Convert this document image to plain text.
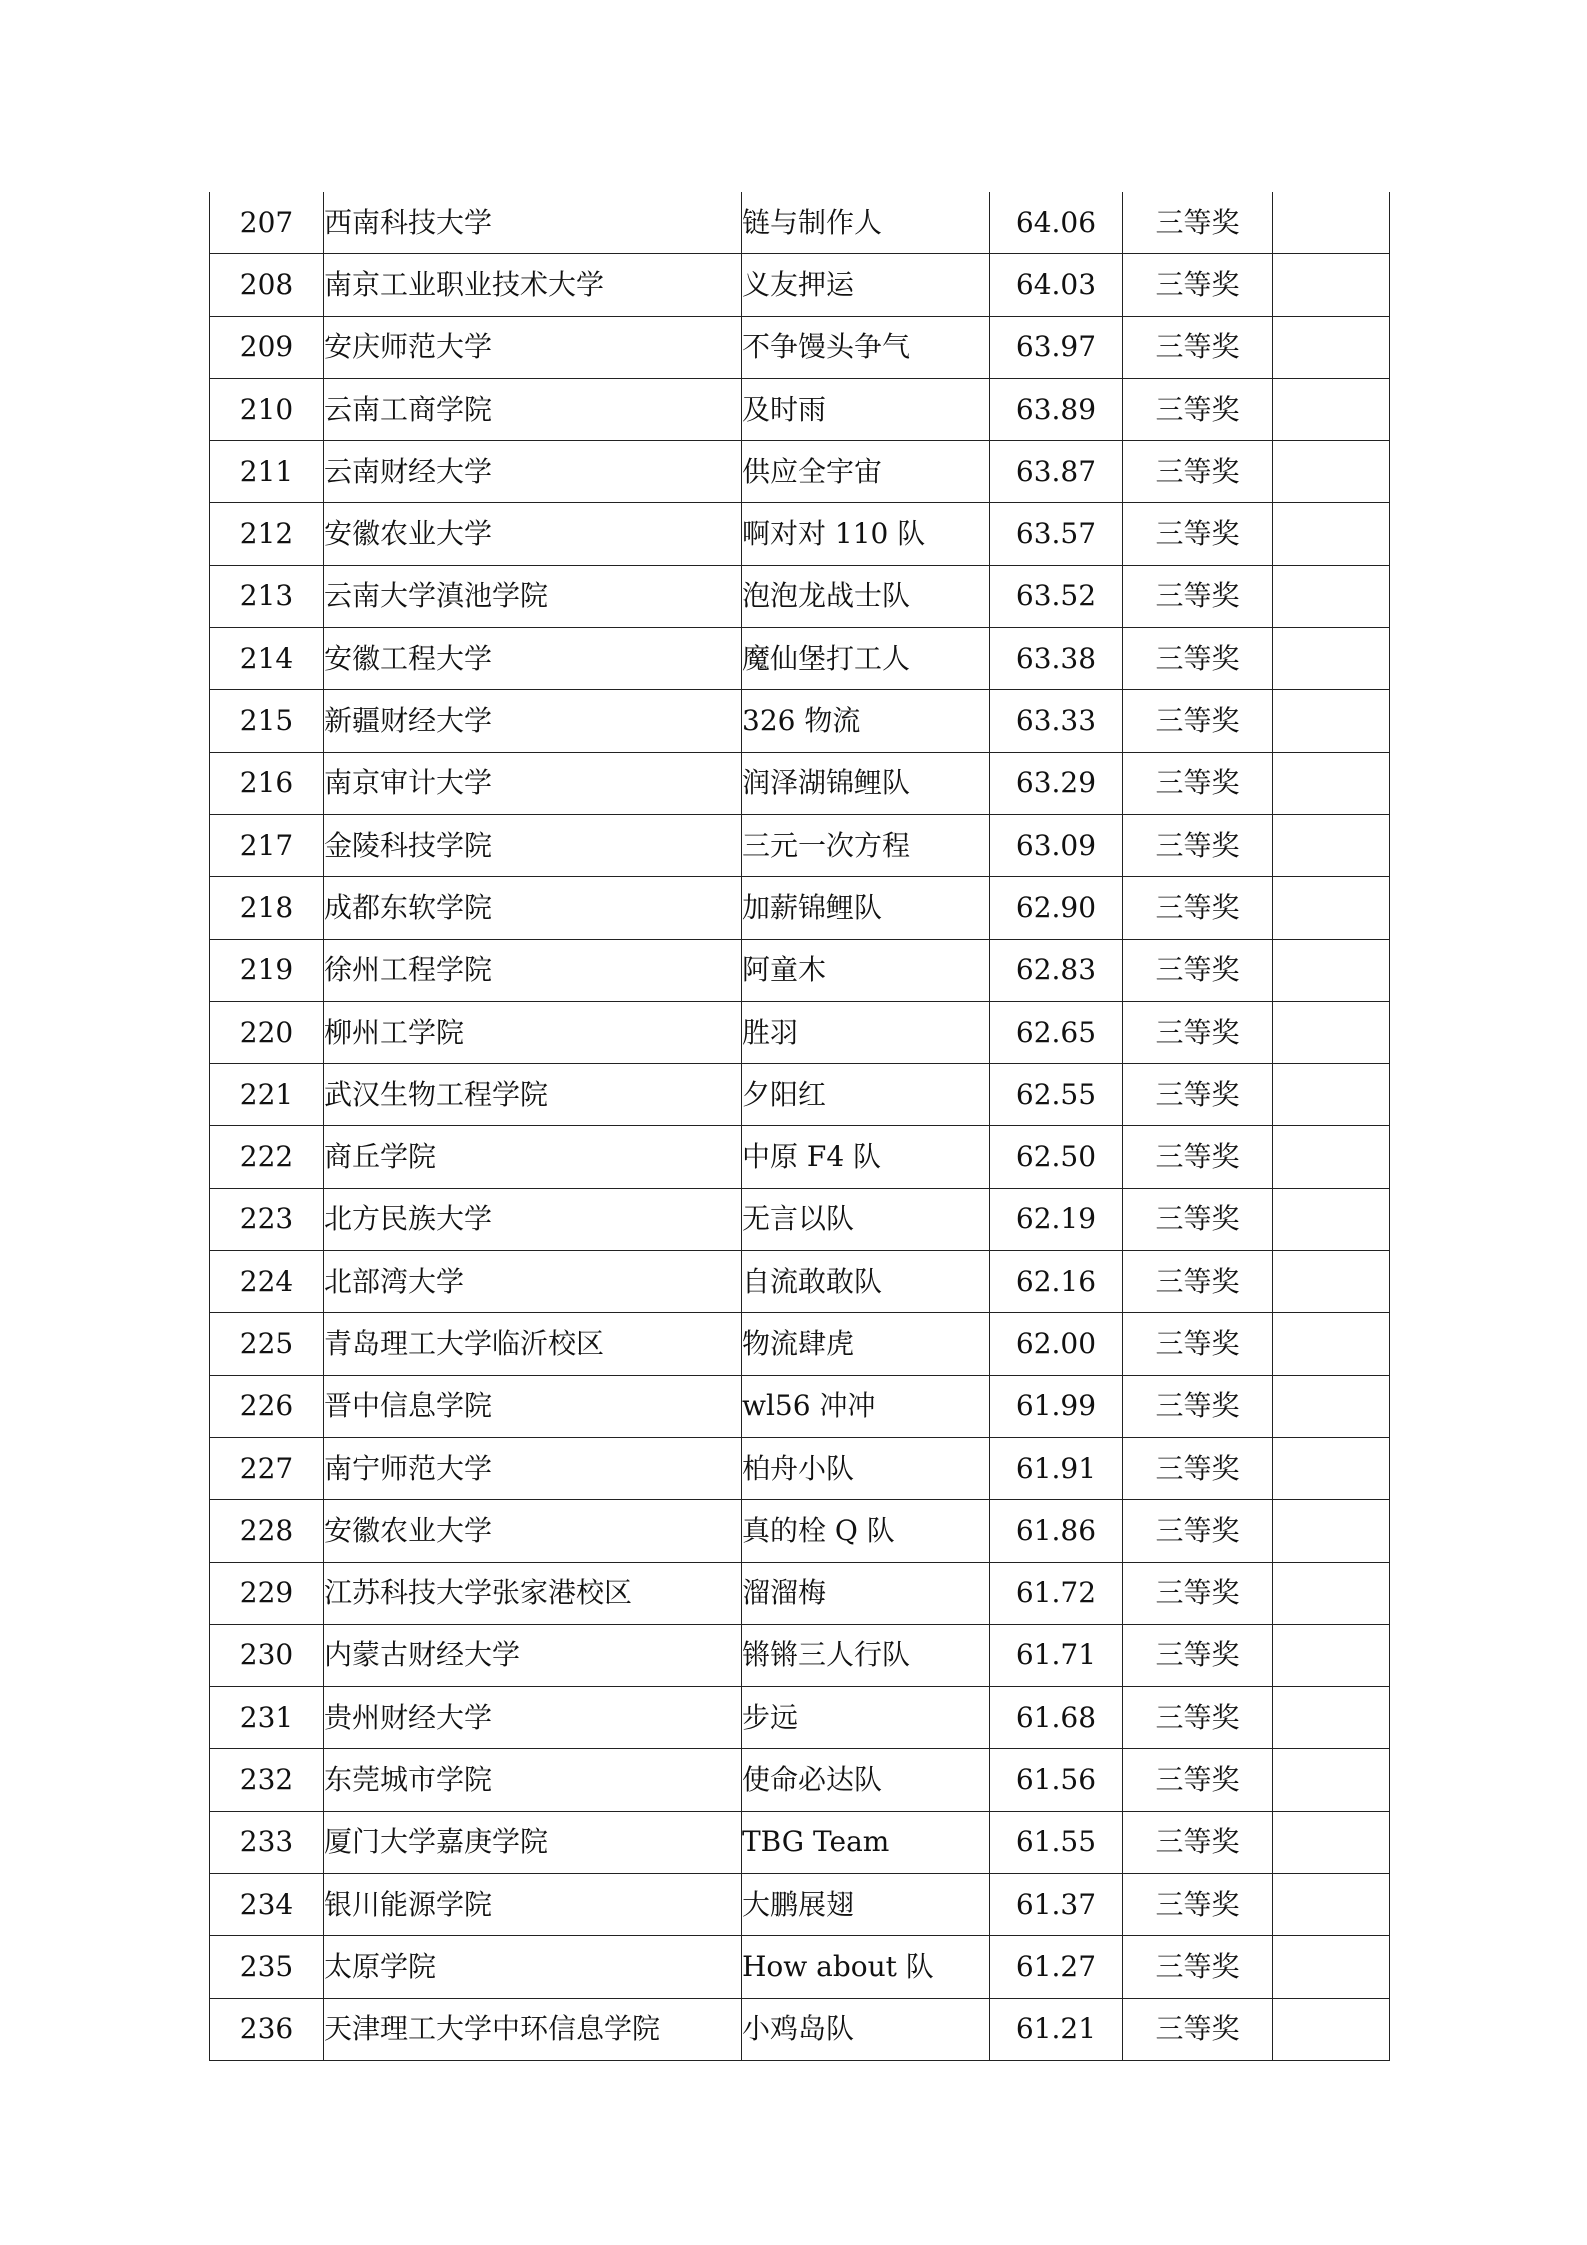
207	西南科技大学	链与制作人	64.06	三等奖	
208	南京工业职业技术大学	义友押运	64.03	三等奖	
209	安庆师范大学	不争馒头争气	63.97	三等奖	
210	云南工商学院	及时雨	63.89	三等奖	
211	云南财经大学	供应全宇宙	63.87	三等奖	
212	安徽农业大学	啊对对 110 队	63.57	三等奖	
213	云南大学滇池学院	泡泡龙战士队	63.52	三等奖	
214	安徽工程大学	魔仙堡打工人	63.38	三等奖	
215	新疆财经大学	326 物流	63.33	三等奖	
216	南京审计大学	润泽湖锦鲤队	63.29	三等奖	
217	金陵科技学院	三元一次方程	63.09	三等奖	
218	成都东软学院	加薪锦鲤队	62.90	三等奖	
219	徐州工程学院	阿童木	62.83	三等奖	
220	柳州工学院	胜羽	62.65	三等奖	
221	武汉生物工程学院	夕阳红	62.55	三等奖	
222	商丘学院	中原 F4 队	62.50	三等奖	
223	北方民族大学	无言以队	62.19	三等奖	
224	北部湾大学	自流敢敢队	62.16	三等奖	
225	青岛理工大学临沂校区	物流肆虎	62.00	三等奖	
226	晋中信息学院	wl56 冲冲	61.99	三等奖	
227	南宁师范大学	柏舟小队	61.91	三等奖	
228	安徽农业大学	真的栓 Q 队	61.86	三等奖	
229	江苏科技大学张家港校区	溜溜梅	61.72	三等奖	
230	内蒙古财经大学	锵锵三人行队	61.71	三等奖	
231	贵州财经大学	步远	61.68	三等奖	
232	东莞城市学院	使命必达队	61.56	三等奖	
233	厦门大学嘉庚学院	TBG Team	61.55	三等奖	
234	银川能源学院	大鹏展翅	61.37	三等奖	
235	太原学院	How about 队	61.27	三等奖	
236	天津理工大学中环信息学院	小鸡岛队	61.21	三等奖	
